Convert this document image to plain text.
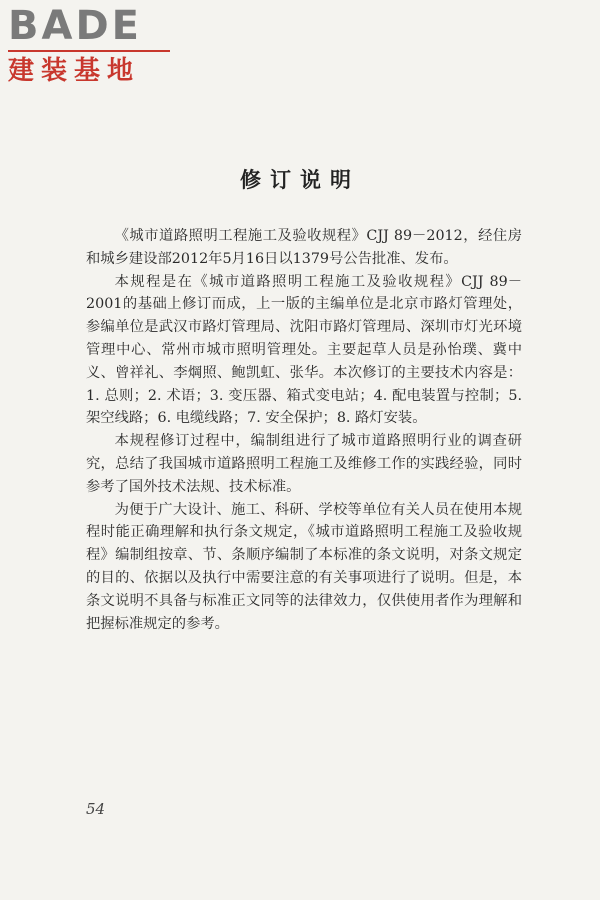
BADE
建装基地
修订说明

《城市道路照明工程施工及验收规程》CJJ 89－2012，经住房和城乡建设部2012年5月16日以1379号公告批准、发布。

本规程是在《城市道路照明工程施工及验收规程》CJJ 89－2001的基础上修订而成，上一版的主编单位是北京市路灯管理处，参编单位是武汉市路灯管理局、沈阳市路灯管理局、深圳市灯光环境管理中心、常州市城市照明管理处。主要起草人员是孙怡璞、冀中义、曾祥礼、李焵照、鲍凯虹、张华。本次修订的主要技术内容是：1. 总则；2. 术语；3. 变压器、箱式变电站；4. 配电装置与控制；5. 架空线路；6. 电缆线路；7. 安全保护；8. 路灯安装。

本规程修订过程中，编制组进行了城市道路照明行业的调查研究，总结了我国城市道路照明工程施工及维修工作的实践经验，同时参考了国外技术法规、技术标准。

为便于广大设计、施工、科研、学校等单位有关人员在使用本规程时能正确理解和执行条文规定，《城市道路照明工程施工及验收规程》编制组按章、节、条顺序编制了本标准的条文说明，对条文规定的目的、依据以及执行中需要注意的有关事项进行了说明。但是，本条文说明不具备与标准正文同等的法律效力，仅供使用者作为理解和把握标准规定的参考。

54
